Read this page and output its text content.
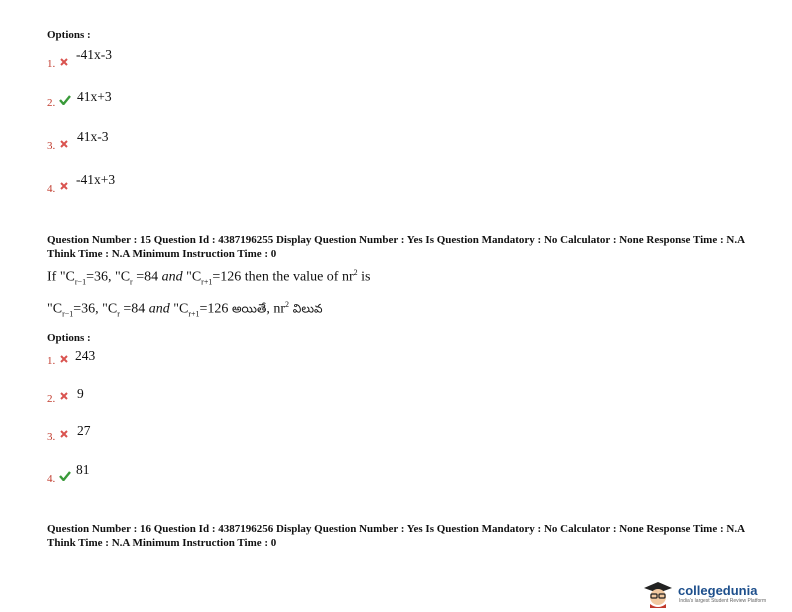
Options :
1.
-41x-3
2. 41x+3
3.
41x-3
4.
-41x+3
Question Number : 15 Question Id : 4387196255 Display Question Number : Yes Is Question Mandatory : No Calculator : None Response Time : N.A Think Time : N.A Minimum Instruction Time : 0
If "$C_{r-1}=36$, "$C_r =84$ and "$C_{r+1}=126$ then the value of $nr^2$ is
"$C_{r-1}=36$, "$C_r =84$ and "$C_{r+1}=126$ అయితే, $nr^2$ విలువ
Options :
1. 243
2. 9
3. 27
4.
81
Question Number : 16 Question Id : 4387196256 Display Question Number : Yes Is Question Mandatory : No Calculator : None Response Time : N.A Think Time : N.A Minimum Instruction Time : 0
collegedunia
India's largest Student Review Platform
